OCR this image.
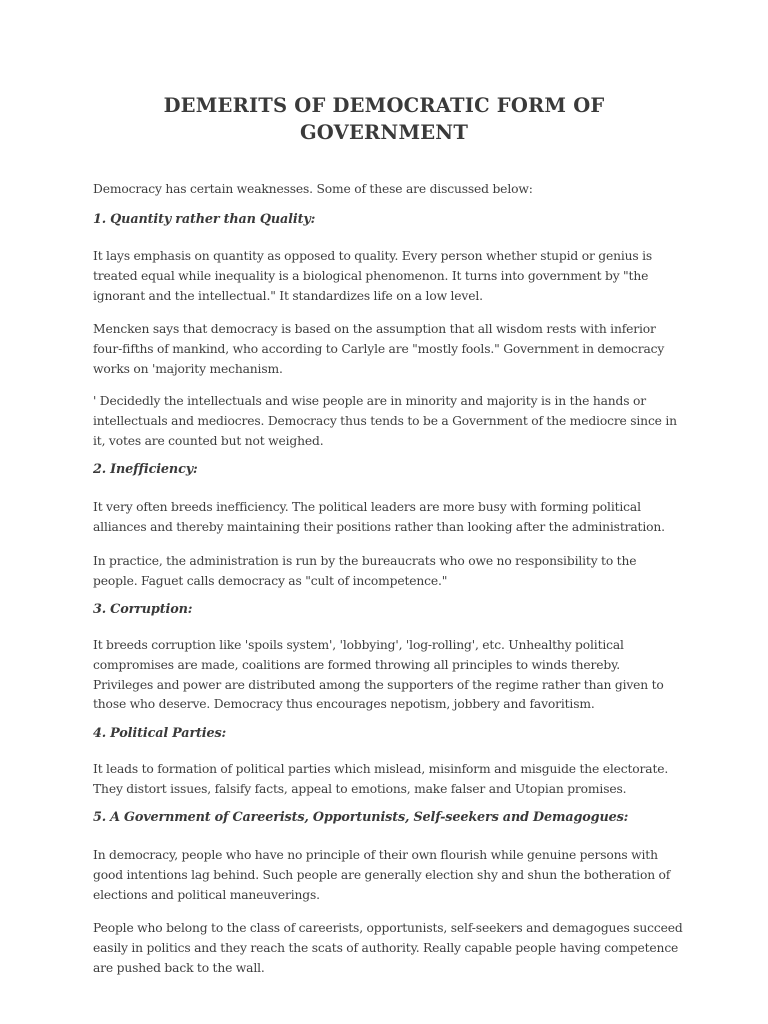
DEMERITS OF DEMOCRATIC FORM OF GOVERNMENT

Democracy has certain weaknesses. Some of these are discussed below:

1. Quantity rather than Quality:

It lays emphasis on quantity as opposed to quality. Every person whether stupid or genius is treated equal while inequality is a biological phenomenon. It turns into government by "the ignorant and the intellectual." It standardizes life on a low level.

Mencken says that democracy is based on the assumption that all wisdom rests with inferior four-fifths of mankind, who according to Carlyle are "mostly fools." Government in democracy works on 'majority mechanism.

' Decidedly the intellectuals and wise people are in minority and majority is in the hands or intellectuals and mediocres. Democracy thus tends to be a Government of the mediocre since in it, votes are counted but not weighed.

2. Inefficiency:

It very often breeds inefficiency. The political leaders are more busy with forming political alliances and thereby maintaining their positions rather than looking after the administration.

In practice, the administration is run by the bureaucrats who owe no responsibility to the people. Faguet calls democracy as "cult of incompetence."

3. Corruption:

It breeds corruption like 'spoils system', 'lobbying', 'log-rolling', etc. Unhealthy political compromises are made, coalitions are formed throwing all principles to winds thereby. Privileges and power are distributed among the supporters of the regime rather than given to those who deserve. Democracy thus encourages nepotism, jobbery and favoritism.

4. Political Parties:

It leads to formation of political parties which mislead, misinform and misguide the electorate. They distort issues, falsify facts, appeal to emotions, make falser and Utopian promises.

5. A Government of Careerists, Opportunists, Self-seekers and Demagogues:

In democracy, people who have no principle of their own flourish while genuine persons with good intentions lag behind. Such people are generally election shy and shun the botheration of elections and political maneuverings.

People who belong to the class of careerists, opportunists, self-seekers and demagogues succeed easily in politics and they reach the scats of authority. Really capable people having competence are pushed back to the wall.
